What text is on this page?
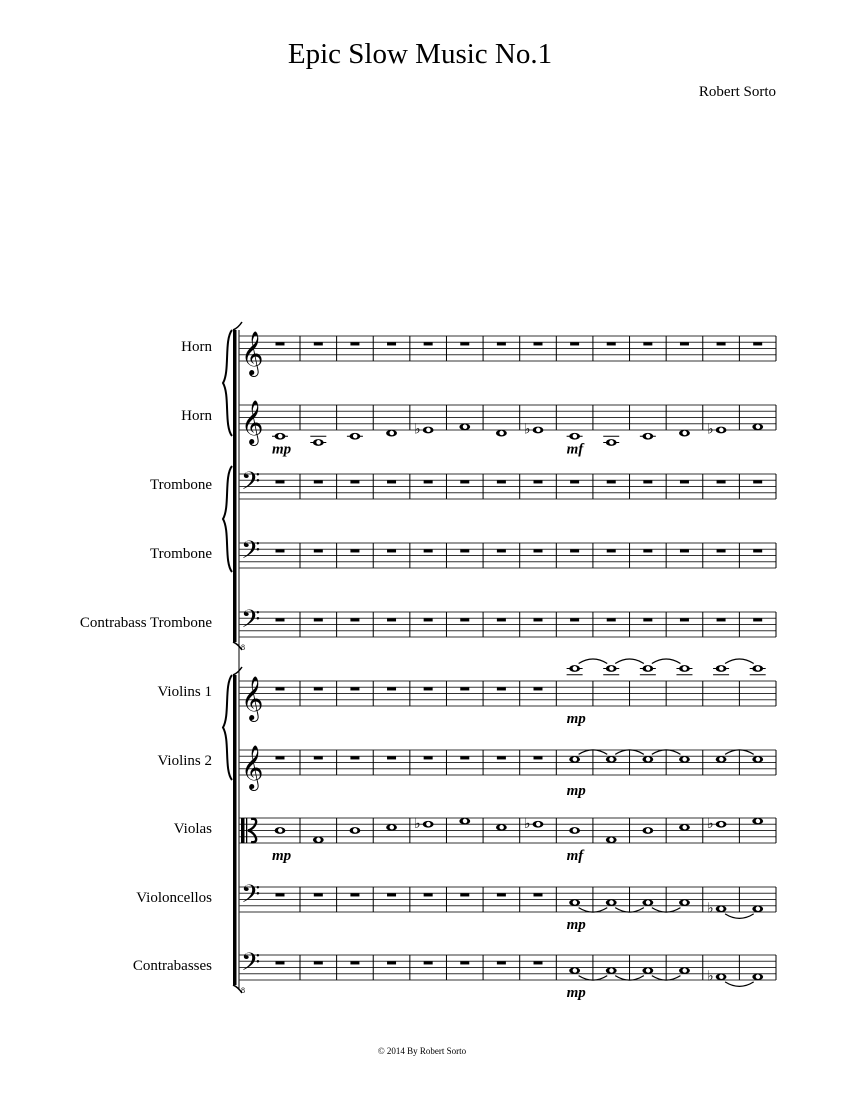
Epic Slow Music No.1
Robert Sorto
Horn
Horn
Trombone
Trombone
Contrabass Trombone
Violins 1
Violins 2
Violas
Violoncellos
Contrabasses
𝄞
𝄞
mp
♭	♭
mf
♭
𝄢
𝄢
𝄢
8
𝄞	mp
𝄞
mp
mp
♭	♭
mf
♭
𝄢
mp
♭
𝄢
8	mp
♭
© 2014 By Robert Sorto
